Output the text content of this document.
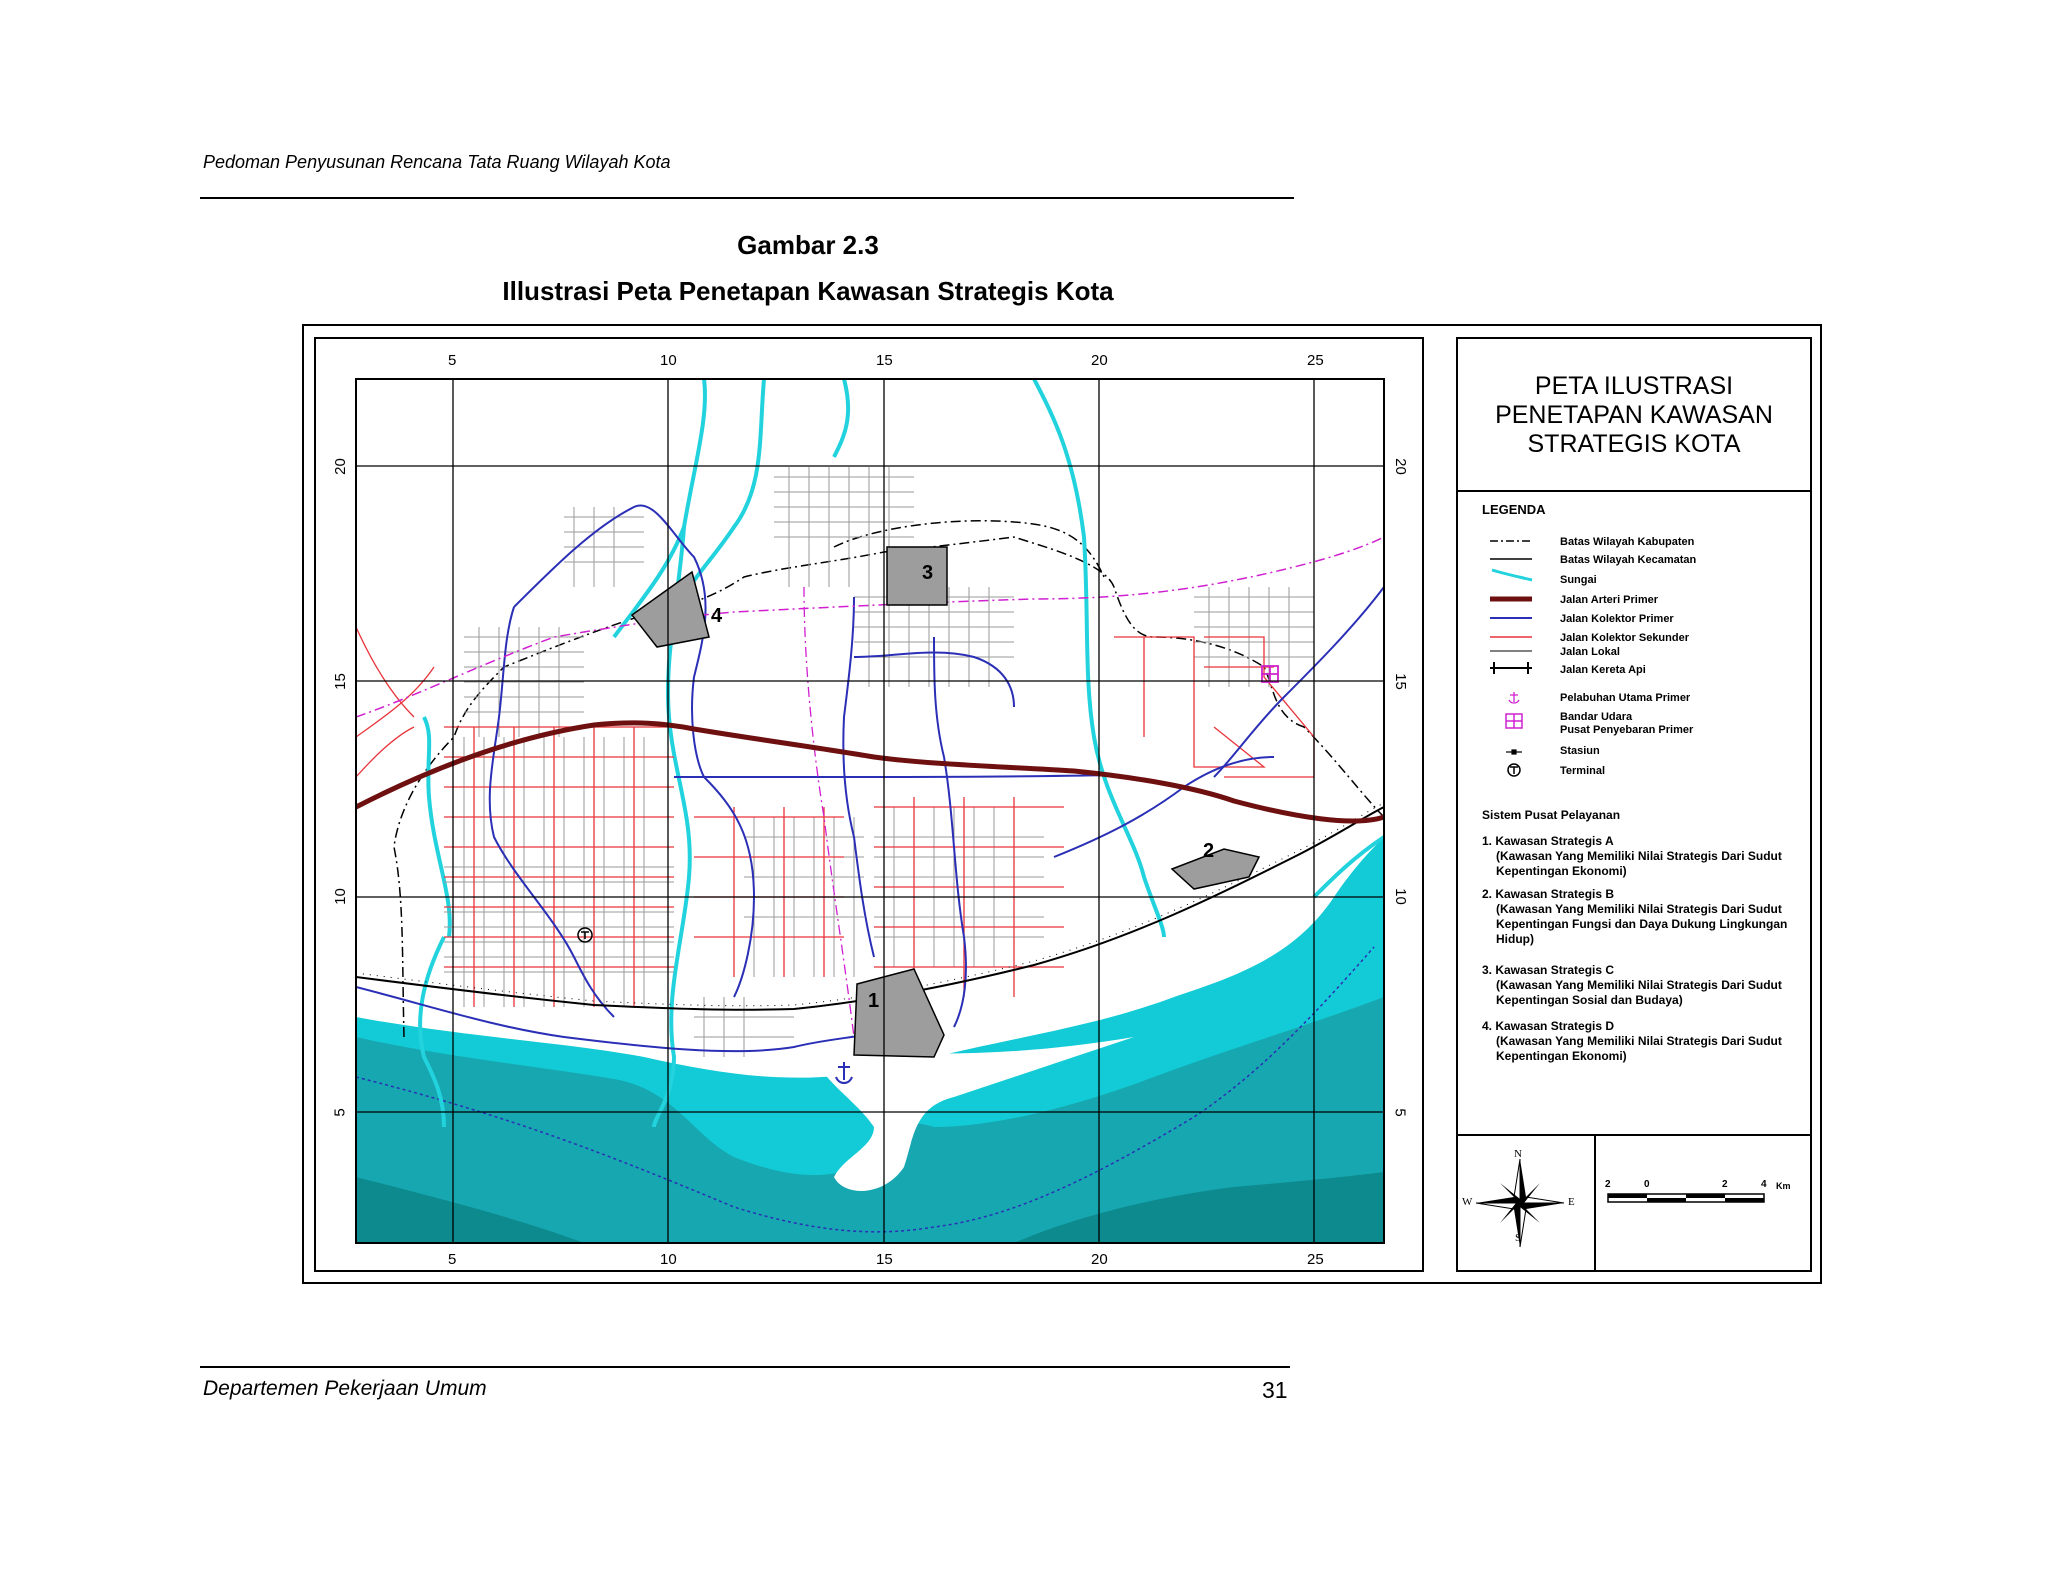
Pedoman Penyusunan Rencana Tata Ruang Wilayah Kota
Gambar 2.3
Illustrasi Peta Penetapan Kawasan Strategis Kota
5	10	15	20	25
5	10	15	20	25
20
15
10
5
20
15
10
5
1
2
3
4
PETA ILUSTRASI
PENETAPAN KAWASAN
STRATEGIS KOTA
LEGENDA
Batas Wilayah Kabupaten
Batas Wilayah Kecamatan
Sungai
Jalan Arteri Primer
Jalan Kolektor Primer
Jalan Kolektor Sekunder
Jalan Lokal
Jalan Kereta Api
Pelabuhan Utama Primer
Bandar Udara
Pusat Penyebaran Primer
Stasiun
Terminal
Sistem Pusat Pelayanan
1. Kawasan Strategis A
(Kawasan Yang Memiliki Nilai Strategis Dari Sudut Kepentingan Ekonomi)
2. Kawasan Strategis B
(Kawasan Yang Memiliki Nilai Strategis Dari Sudut Kepentingan Fungsi dan Daya Dukung Lingkungan Hidup)
3. Kawasan Strategis C
(Kawasan Yang Memiliki Nilai Strategis Dari Sudut Kepentingan Sosial dan Budaya)
4. Kawasan Strategis D
(Kawasan Yang Memiliki Nilai Strategis Dari Sudut Kepentingan Ekonomi)
N
S
E
W
2	0	2	4 Km
Departemen Pekerjaan Umum	31
